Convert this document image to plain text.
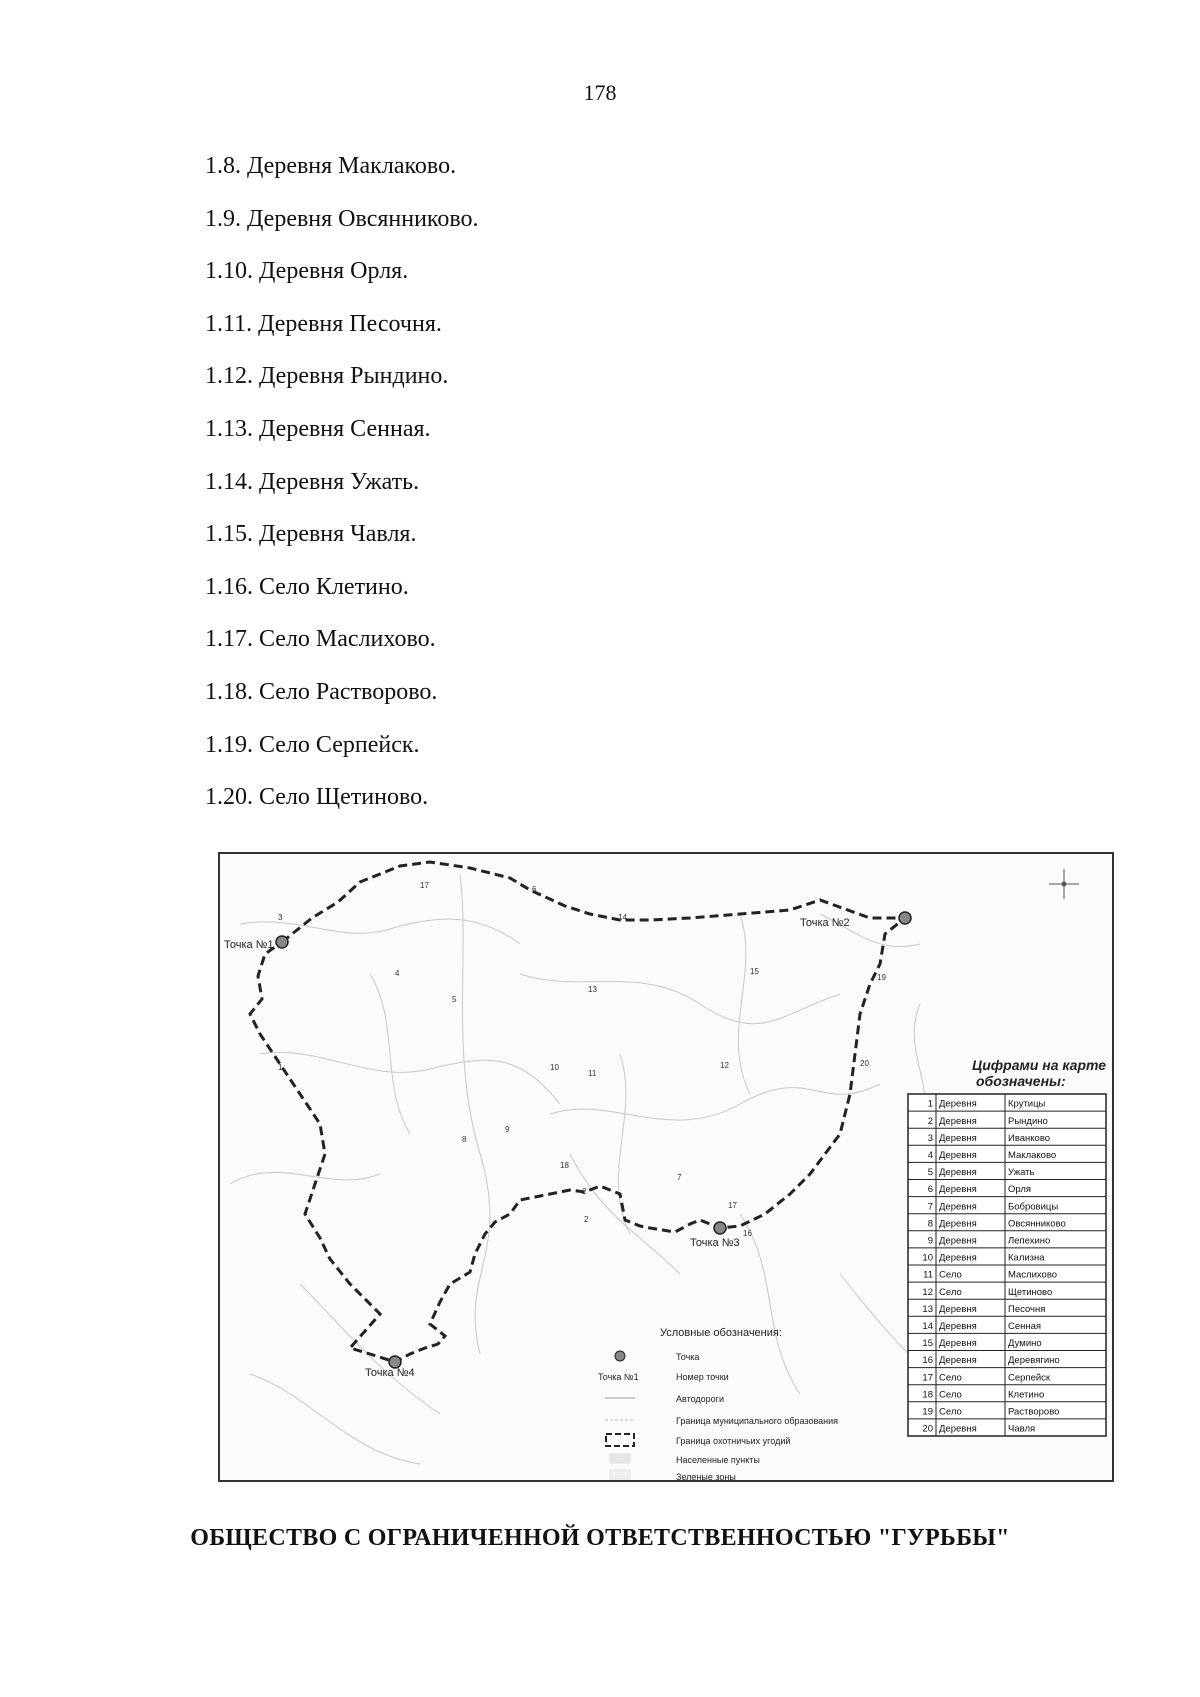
178
1.8. Деревня Маклаково.
1.9. Деревня Овсянниково.
1.10. Деревня Орля.
1.11. Деревня Песочня.
1.12. Деревня Рындино.
1.13. Деревня Сенная.
1.14. Деревня Ужать.
1.15. Деревня Чавля.
1.16. Село Клетино.
1.17. Село Маслихово.
1.18. Село Растворово.
1.19. Село Серпейск.
1.20. Село Щетиново.
Точка №1
Точка №2
Точка №3
Точка №4
1
2
3
4
5
6
7
8
9
10
11
12
13
14
15
16
17
18
19
20
2
17
Условные обозначения:
Точка
Точка №1	Номер точки
Автодороги
Граница муниципального образования
Граница охотничьих угодий
Населенные пункты
Зеленые зоны
Цифрами на карте
обозначены:
1 Деревня	Крутицы
2 Деревня	Рындино
3 Деревня	Иванково
4 Деревня	Маклаково
5 Деревня	Ужать
6 Деревня	Орля
7 Деревня	Бобровицы
8 Деревня	Овсянниково
9 Деревня	Лепехино
10 Деревня	Кализна
11 Село	Маслихово
12 Село	Щетиново
13 Деревня	Песочня
14 Деревня	Сенная
15 Деревня	Думино
16 Деревня	Деревягино
17 Село	Серпейск
18 Село	Клетино
19 Село	Растворово
20 Деревня	Чавля
ОБЩЕСТВО С ОГРАНИЧЕННОЙ ОТВЕТСТВЕННОСТЬЮ "ГУРЬБЫ"
